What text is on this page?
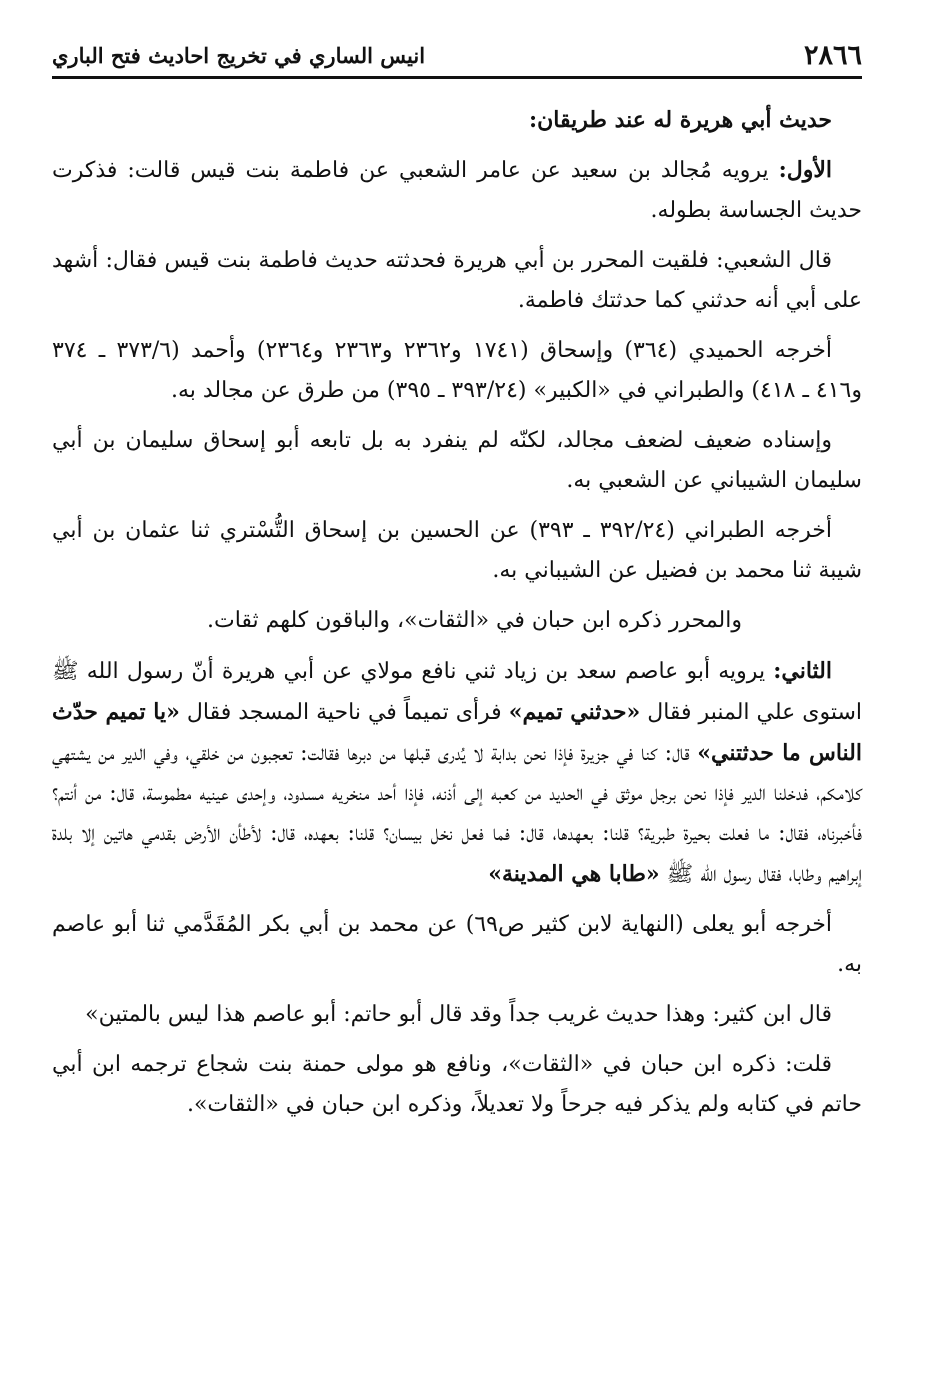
٢٨٦٦
انيس الساري في تخريج احاديث فتح الباري

حديث أبي هريرة له عند طريقان:

الأول: يرويه مُجالد بن سعيد عن عامر الشعبي عن فاطمة بنت قيس قالت: فذكرت حديث الجساسة بطوله.

قال الشعبي: فلقيت المحرر بن أبي هريرة فحدثته حديث فاطمة بنت قيس فقال: أشهد على أبي أنه حدثني كما حدثتك فاطمة.

أخرجه الحميدي (٣٦٤) وإسحاق (١٧٤١ و٢٣٦٢ و٢٣٦٣ و٢٣٦٤) وأحمد (٣٧٣/٦ ـ ٣٧٤ و٤١٦ ـ ٤١٨) والطبراني في «الكبير» (٣٩٣/٢٤ ـ ٣٩٥) من طرق عن مجالد به.

وإسناده ضعيف لضعف مجالد، لكنّه لم ينفرد به بل تابعه أبو إسحاق سليمان بن أبي سليمان الشيباني عن الشعبي به.

أخرجه الطبراني (٣٩٢/٢٤ ـ ٣٩٣) عن الحسين بن إسحاق التُّسْتري ثنا عثمان بن أبي شيبة ثنا محمد بن فضيل عن الشيباني به.

والمحرر ذكره ابن حبان في «الثقات»، والباقون كلهم ثقات.

الثاني: يرويه أبو عاصم سعد بن زياد ثني نافع مولاي عن أبي هريرة أنّ رسول الله ﷺ استوى علي المنبر فقال «حدثني تميم» فرأى تميماً في ناحية المسجد فقال «يا تميم حدّث الناس ما حدثتني» قال: كنا في جزيرة فإذا نحن بدابة لا يُدرى قبلها من دبرها فقالت: تعجبون من خلقي، وفي الدير من يشتهي كلامكم، فدخلنا الدير فإذا نحن برجل موثق في الحديد من كعبه إلى أذنه، فإذا أحد منخريه مسدود، وإحدى عينيه مطموسة، قال: من أنتم؟ فأخبرناه، فقال: ما فعلت بحيرة طبرية؟ قلنا: بعهدها، قال: فما فعل نخل بيسان؟ قلنا: بعهده، قال: لأطأن الأرض بقدمي هاتين إلا بلدة إبراهيم وطابا، فقال رسول الله ﷺ «طابا هي المدينة»

أخرجه أبو يعلى (النهاية لابن كثير ص٦٩) عن محمد بن أبي بكر المُقَدَّمي ثنا أبو عاصم به.

قال ابن كثير: وهذا حديث غريب جداً وقد قال أبو حاتم: أبو عاصم هذا ليس بالمتين»

قلت: ذكره ابن حبان في «الثقات»، ونافع هو مولى حمنة بنت شجاع ترجمه ابن أبي حاتم في كتابه ولم يذكر فيه جرحاً ولا تعديلاً، وذكره ابن حبان في «الثقات».
